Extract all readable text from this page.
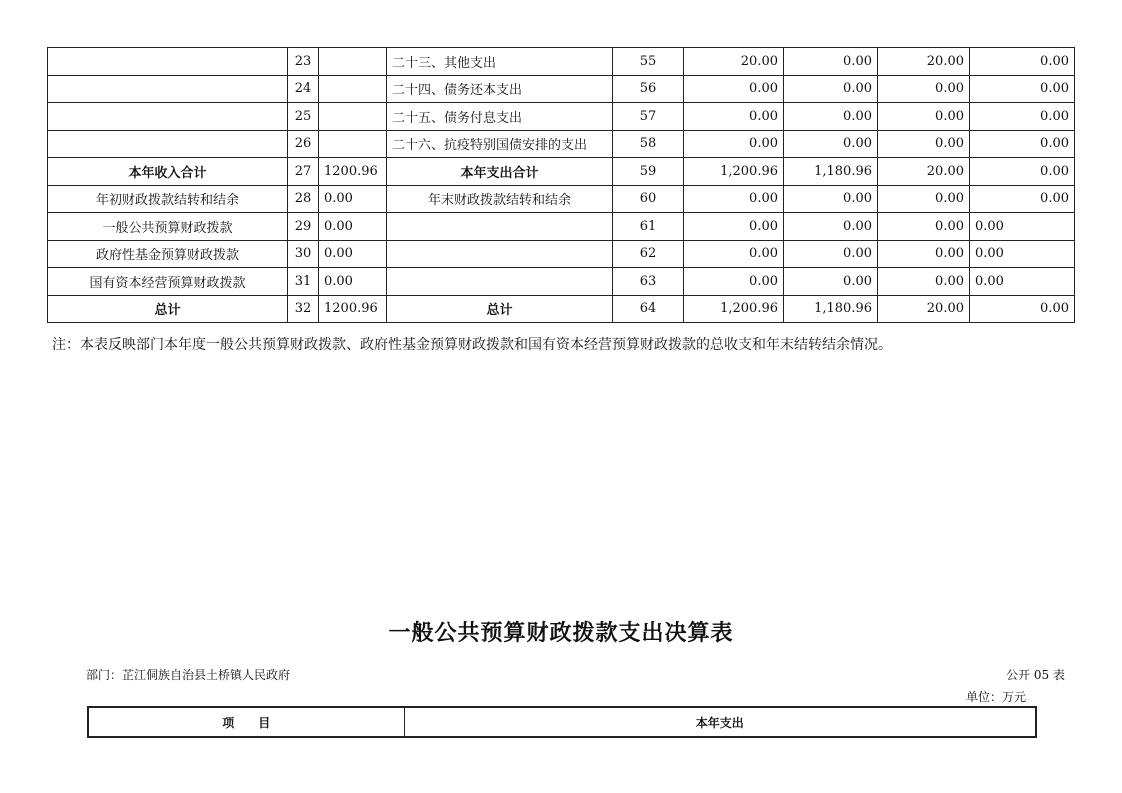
	23		二十三、其他支出	55	20.00	0.00	20.00	0.00
	24		二十四、债务还本支出	56	0.00	0.00	0.00	0.00
	25		二十五、债务付息支出	57	0.00	0.00	0.00	0.00
	26		二十六、抗疫特别国债安排的支出	58	0.00	0.00	0.00	0.00
本年收入合计	27	1200.96	本年支出合计	59	1,200.96	1,180.96	20.00	0.00
年初财政拨款结转和结余	28	0.00	年末财政拨款结转和结余	60	0.00	0.00	0.00	0.00
一般公共预算财政拨款	29	0.00		61	0.00	0.00	0.00	0.00
政府性基金预算财政拨款	30	0.00		62	0.00	0.00	0.00	0.00
国有资本经营预算财政拨款	31	0.00		63	0.00	0.00	0.00	0.00
总计	32	1200.96	总计	64	1,200.96	1,180.96	20.00	0.00
注：本表反映部门本年度一般公共预算财政拨款、政府性基金预算财政拨款和国有资本经营预算财政拨款的总收支和年末结转结余情况。
一般公共预算财政拨款支出决算表
部门：芷江侗族自治县土桥镇人民政府	公开 05 表
单位：万元
项　　目	本年支出
